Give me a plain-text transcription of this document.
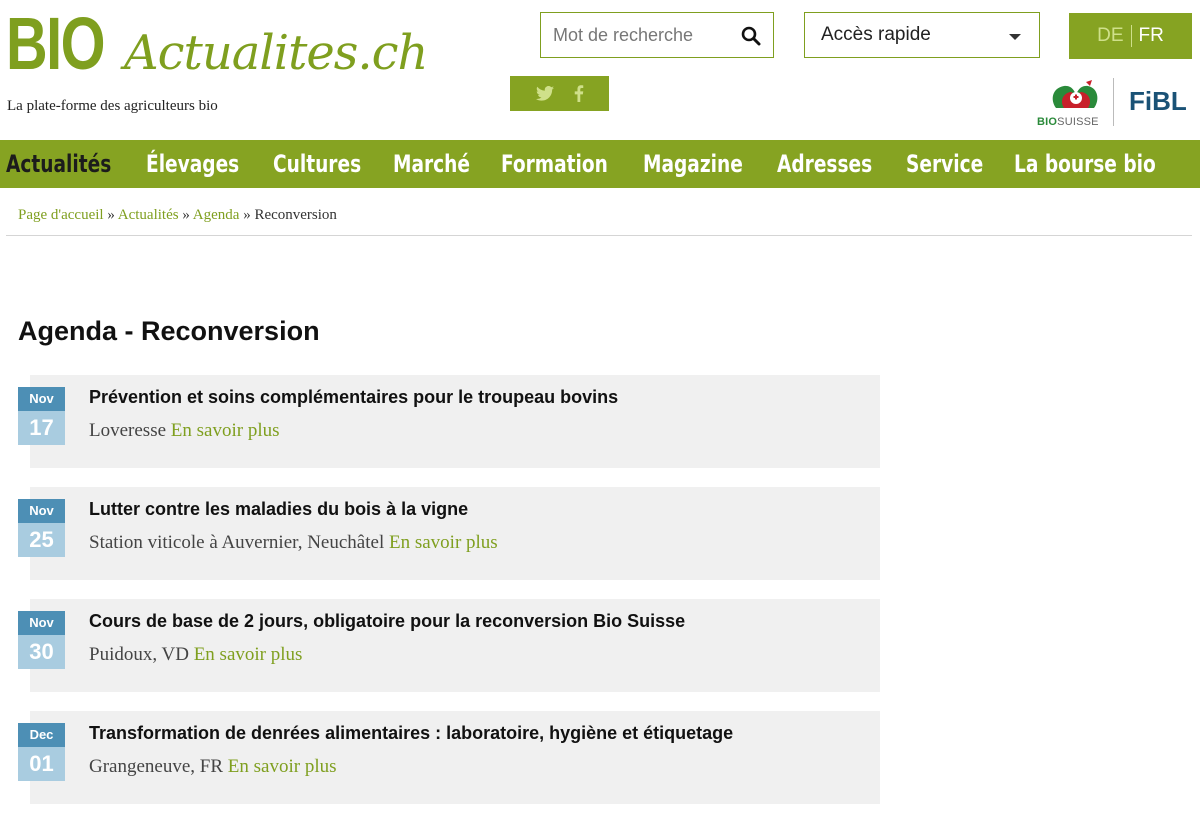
BIO Actualites.ch
La plate-forme des agriculteurs bio
Mot de recherche
Accès rapide	DE FR
BIOSUISSE
FiBL
Actualités Élevages Cultures Marché Formation Magazine Adresses Service La bourse bio
Page d'accueil » Actualités » Agenda » Reconversion
Agenda - Reconversion
Nov
17
Prévention et soins complémentaires pour le troupeau bovins
Loveresse En savoir plus
Nov
25
Lutter contre les maladies du bois à la vigne
Station viticole à Auvernier, Neuchâtel En savoir plus
Nov
30
Cours de base de 2 jours, obligatoire pour la reconversion Bio Suisse
Puidoux, VD En savoir plus
Dec
01
Transformation de denrées alimentaires : laboratoire, hygiène et étiquetage
Grangeneuve, FR En savoir plus
